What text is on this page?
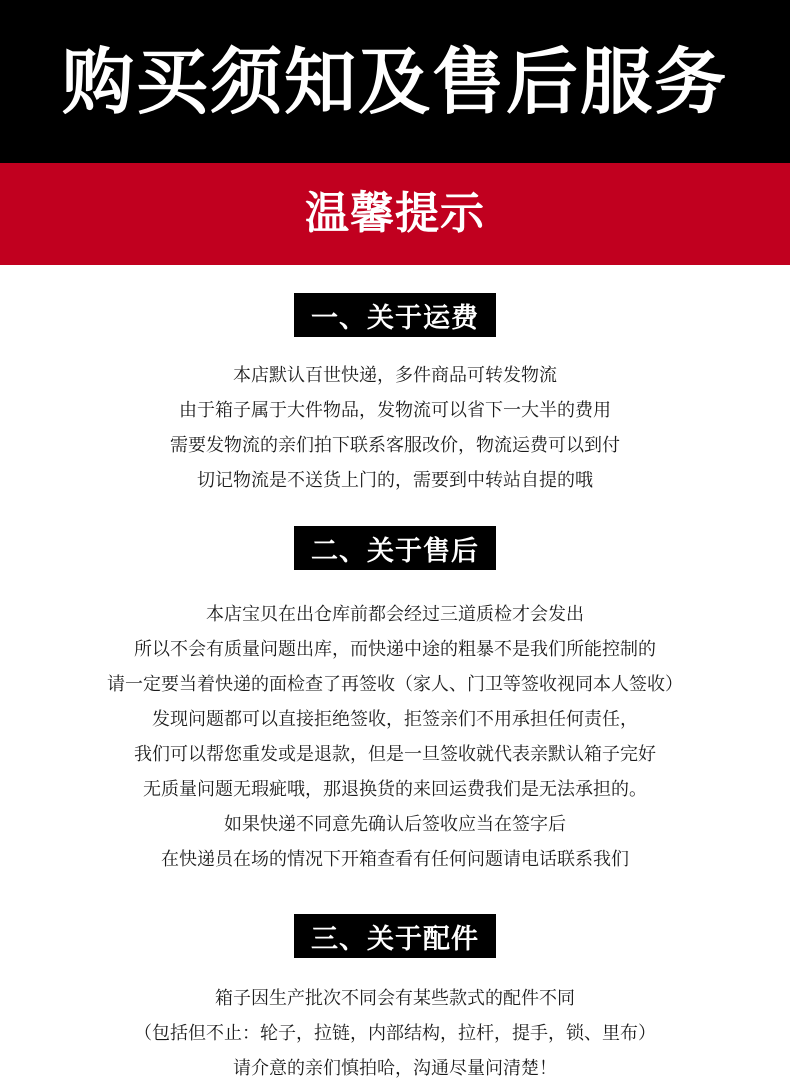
购买须知及售后服务
温馨提示
一、关于运费
本店默认百世快递，多件商品可转发物流
由于箱子属于大件物品，发物流可以省下一大半的费用
需要发物流的亲们拍下联系客服改价，物流运费可以到付
切记物流是不送货上门的，需要到中转站自提的哦
二、关于售后
本店宝贝在出仓库前都会经过三道质检才会发出
所以不会有质量问题出库，而快递中途的粗暴不是我们所能控制的
请一定要当着快递的面检查了再签收（家人、门卫等签收视同本人签收）
发现问题都可以直接拒绝签收，拒签亲们不用承担任何责任，
我们可以帮您重发或是退款，但是一旦签收就代表亲默认箱子完好
无质量问题无瑕疵哦，那退换货的来回运费我们是无法承担的。
如果快递不同意先确认后签收应当在签字后
在快递员在场的情况下开箱查看有任何问题请电话联系我们
三、关于配件
箱子因生产批次不同会有某些款式的配件不同
（包括但不止：轮子，拉链，内部结构，拉杆，提手，锁、里布）
请介意的亲们慎拍哈，沟通尽量问清楚！
